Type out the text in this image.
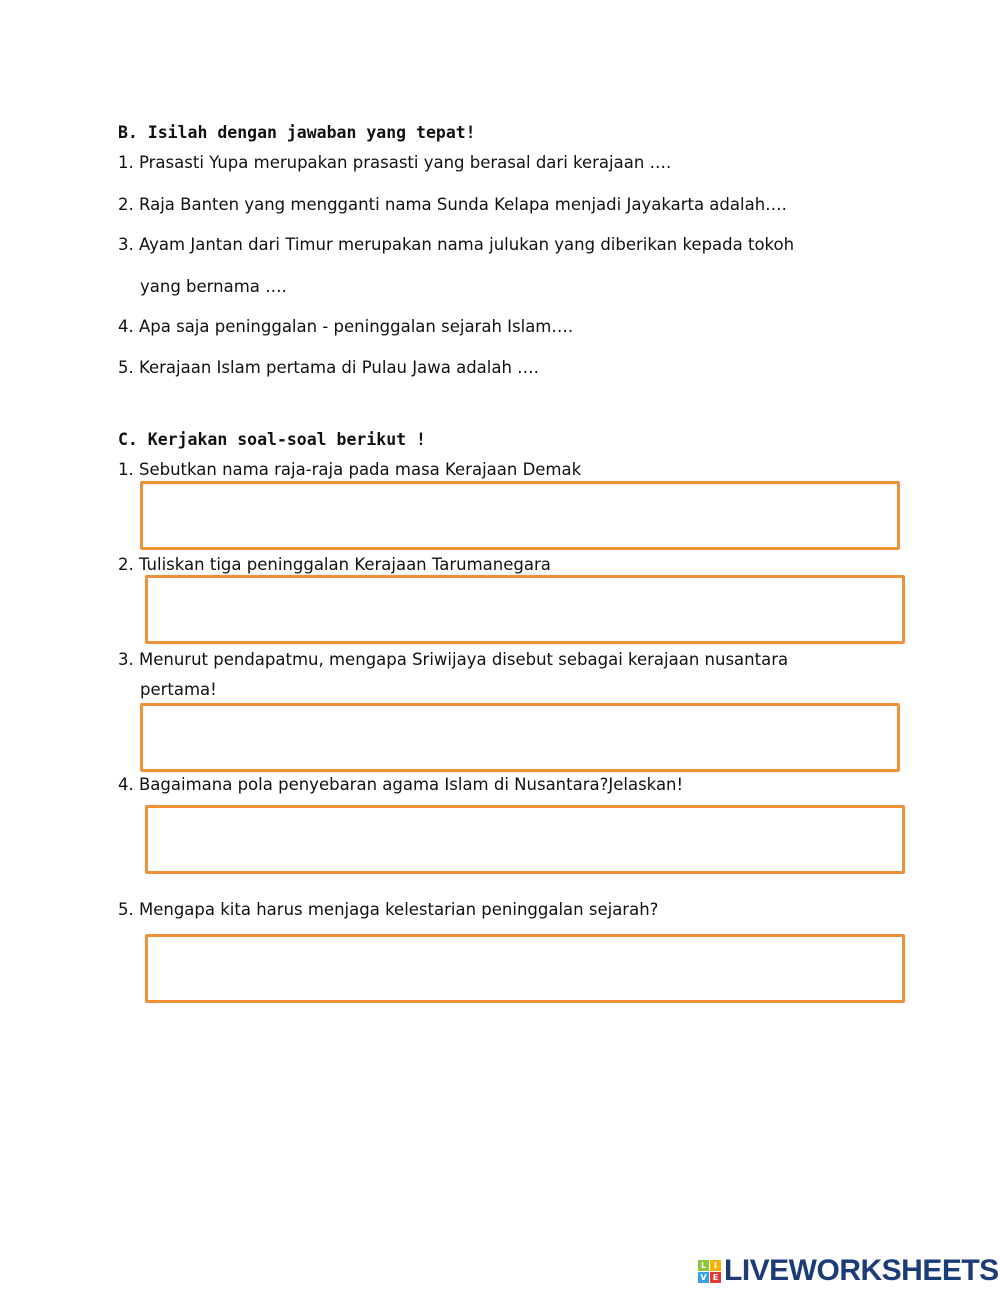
B. Isilah dengan jawaban yang tepat!
1. Prasasti Yupa merupakan prasasti yang berasal dari kerajaan ….
2. Raja Banten yang mengganti nama Sunda Kelapa menjadi Jayakarta adalah….
3. Ayam Jantan dari Timur merupakan nama julukan yang diberikan kepada tokoh
yang bernama ….
4. Apa saja peninggalan - peninggalan sejarah Islam….
5. Kerajaan Islam pertama di Pulau Jawa adalah ….
C. Kerjakan soal-soal berikut !
1. Sebutkan nama raja-raja pada masa Kerajaan Demak
2. Tuliskan tiga peninggalan Kerajaan Tarumanegara
3. Menurut pendapatmu, mengapa Sriwijaya disebut sebagai kerajaan nusantara
pertama!
4. Bagaimana pola penyebaran agama Islam di Nusantara?Jelaskan!
5. Mengapa kita harus menjaga kelestarian peninggalan sejarah?
L I
V E LIVEWORKSHEETS
